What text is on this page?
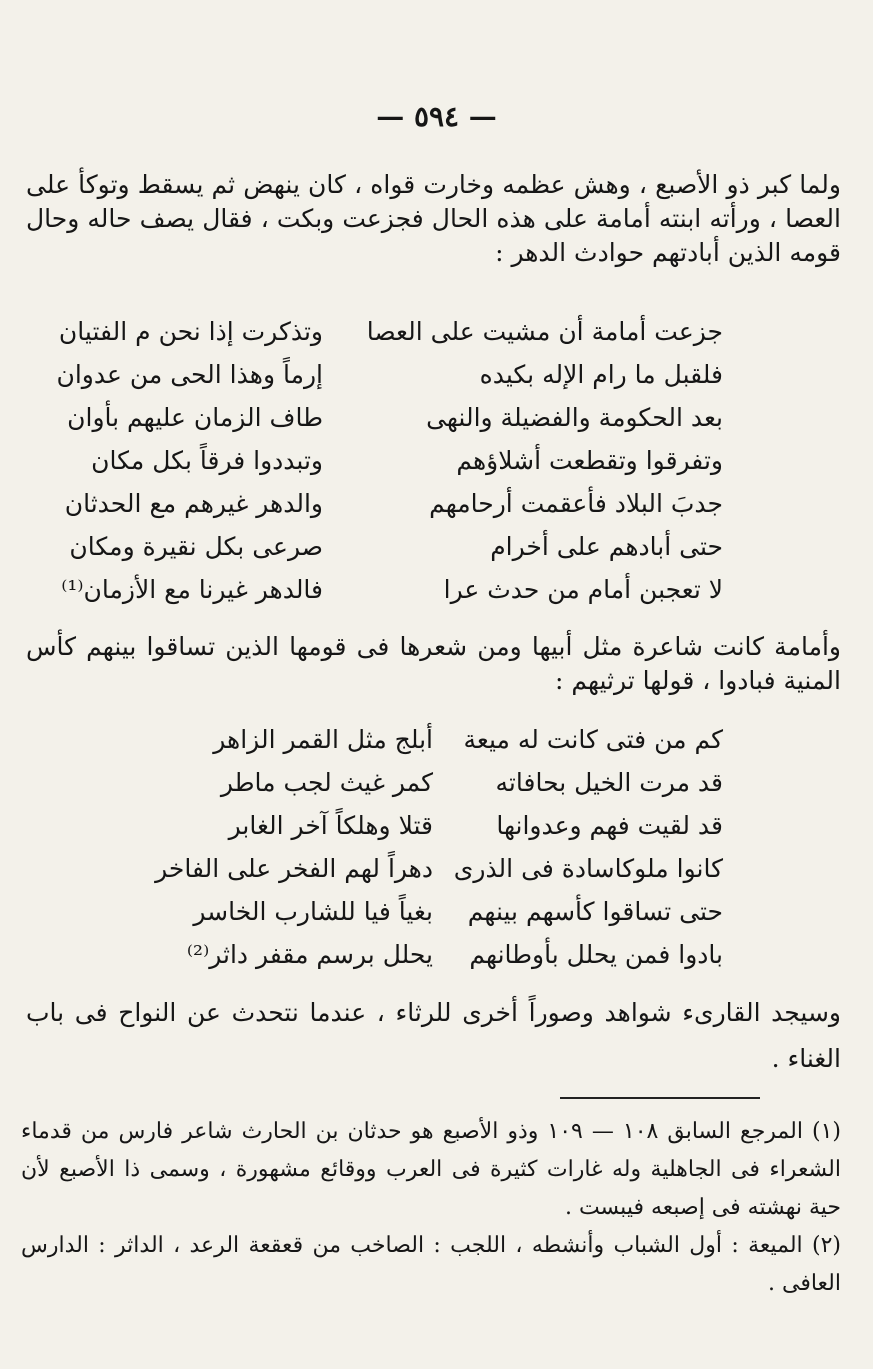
— ٥٩٤ —

ولما كبر ذو الأصبع ، وهش عظمه وخارت قواه ، كان ينهض ثم يسقط وتوكأ على العصا ، ورأته ابنته أمامة على هذه الحال فجزعت وبكت ، فقال يصف حاله وحال قومه الذين أبادتهم حوادث الدهر :

جزعت أمامة أن مشيت على العصا
وتذكرت إذا نحن م الفتيان
فلقبل ما رام الإله بكيده
إرماً وهذا الحى من عدوان
بعد الحكومة والفضيلة والنهى
طاف الزمان عليهم بأوان
وتفرقوا وتقطعت أشلاؤهم
وتبددوا فرقاً بكل مكان
جدبَ البلاد فأعقمت أرحامهم
والدهر غيرهم مع الحدثان
حتى أبادهم على أخرام
صرعى بكل نقيرة ومكان
لا تعجبن أمام من حدث عرا
فالدهر غيرنا مع الأزمان⁽¹⁾

وأمامة كانت شاعرة مثل أبيها ومن شعرها فى قومها الذين تساقوا بينهم كأس المنية فبادوا ، قولها ترثيهم :

كم من فتى كانت له ميعة
أبلج مثل القمر الزاهر
قد مرت الخيل بحافاته
كمر غيث لجب ماطر
قد لقيت فهم وعدوانها
قتلا وهلكاً آخر الغابر
كانوا ملوكاسادة فى الذرى
دهراً لهم الفخر على الفاخر
حتى تساقوا كأسهم بينهم
بغياً فيا للشارب الخاسر
بادوا فمن يحلل بأوطانهم
يحلل برسم مقفر داثر⁽²⁾

وسيجد القارىء شواهد وصوراً أخرى للرثاء ، عندما نتحدث عن النواح فى باب الغناء .

(١) المرجع السابق ١٠٨ — ١٠٩ وذو الأصبع هو حدثان بن الحارث شاعر فارس من قدماء الشعراء فى الجاهلية وله غارات كثيرة فى العرب ووقائع مشهورة ، وسمى ذا الأصبع لأن حية نهشته فى إصبعه فيبست .

(٢) الميعة : أول الشباب وأنشطه ، اللجب : الصاخب من قعقعة الرعد ، الداثر : الدارس العافى .
